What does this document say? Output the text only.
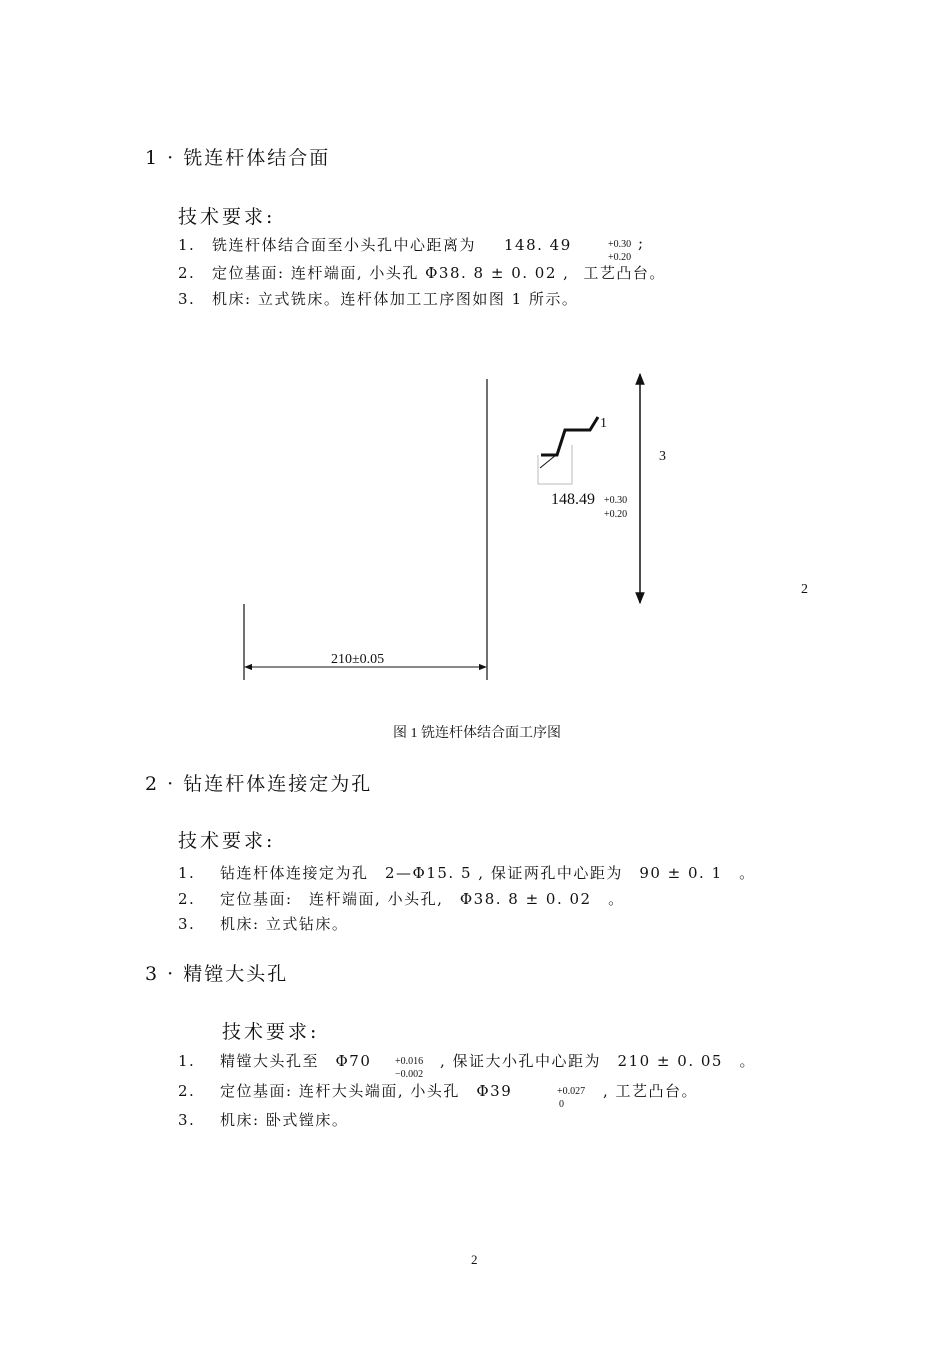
1 · 铣连杆体结合面
技术要求:
1. 铣连杆体结合面至小头孔中心距离为 148. 49	+0.30 ;
+0.20
2. 定位基面: 连杆端面, 小头孔 Φ38. 8 ± 0. 02 , 工艺凸台。
3. 机床: 立式铣床。连杆体加工工序图如图 1 所示。
210±0.05
1
3
2
148.49 +0.30
+0.20
图 1 铣连杆体结合面工序图
2 · 钻连杆体连接定为孔
技术要求:
1. 钻连杆体连接定为孔　2—Φ15. 5 , 保证两孔中心距为　90 ± 0. 1　。
2. 定位基面:　连杆端面, 小头孔,　Φ38. 8 ± 0. 02　。
3. 机床: 立式钻床。
3 · 精镗大头孔
技术要求:
1. 精镗大头孔至　Φ70 +0.016
−0.002
, 保证大小孔中心距为　210 ± 0. 05　。
2. 定位基面: 连杆大头端面, 小头孔　Φ39	+0.027
0
, 工艺凸台。
3. 机床: 卧式镗床。
2
